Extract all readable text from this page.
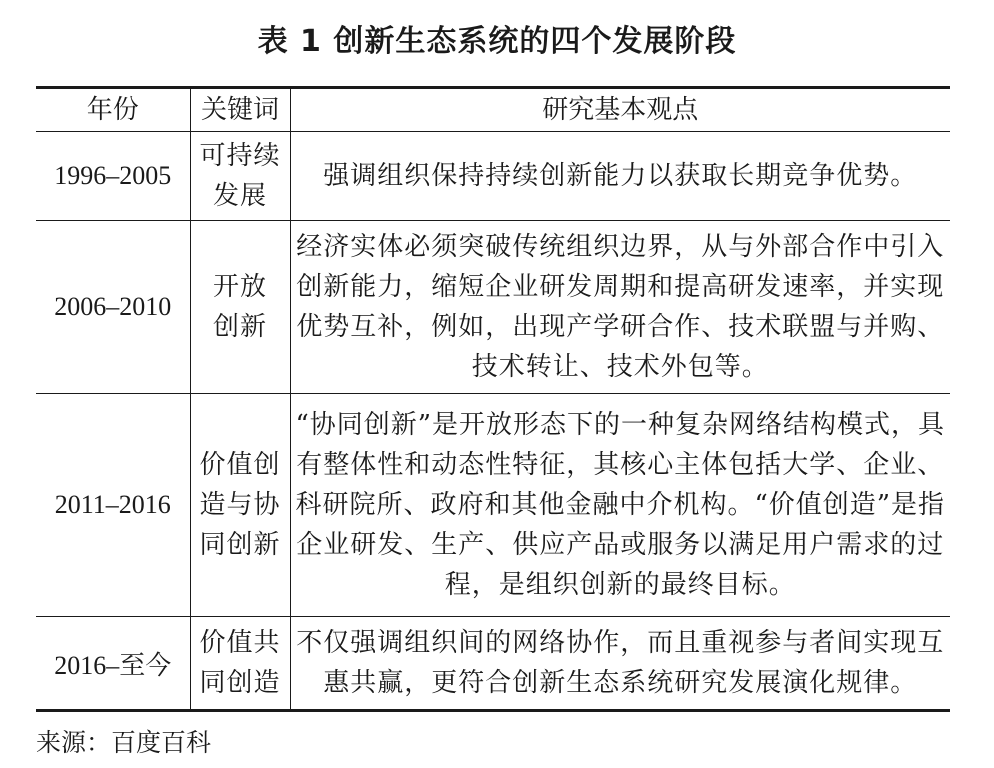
表 1 创新生态系统的四个发展阶段
年份	关键词	研究基本观点
1996–2005	可持续发展	强调组织保持持续创新能力以获取长期竞争优势。
2006–2010	开放创新	经济实体必须突破传统组织边界，从与外部合作中引入创新能力，缩短企业研发周期和提高研发速率，并实现优势互补，例如，出现产学研合作、技术联盟与并购、技术转让、技术外包等。
2011–2016	价值创造与协同创新	“协同创新”是开放形态下的一种复杂网络结构模式，具有整体性和动态性特征，其核心主体包括大学、企业、科研院所、政府和其他金融中介机构。“价值创造”是指企业研发、生产、供应产品或服务以满足用户需求的过程，是组织创新的最终目标。
2016–至今	价值共同创造	不仅强调组织间的网络协作，而且重视参与者间实现互惠共赢，更符合创新生态系统研究发展演化规律。
来源：百度百科
